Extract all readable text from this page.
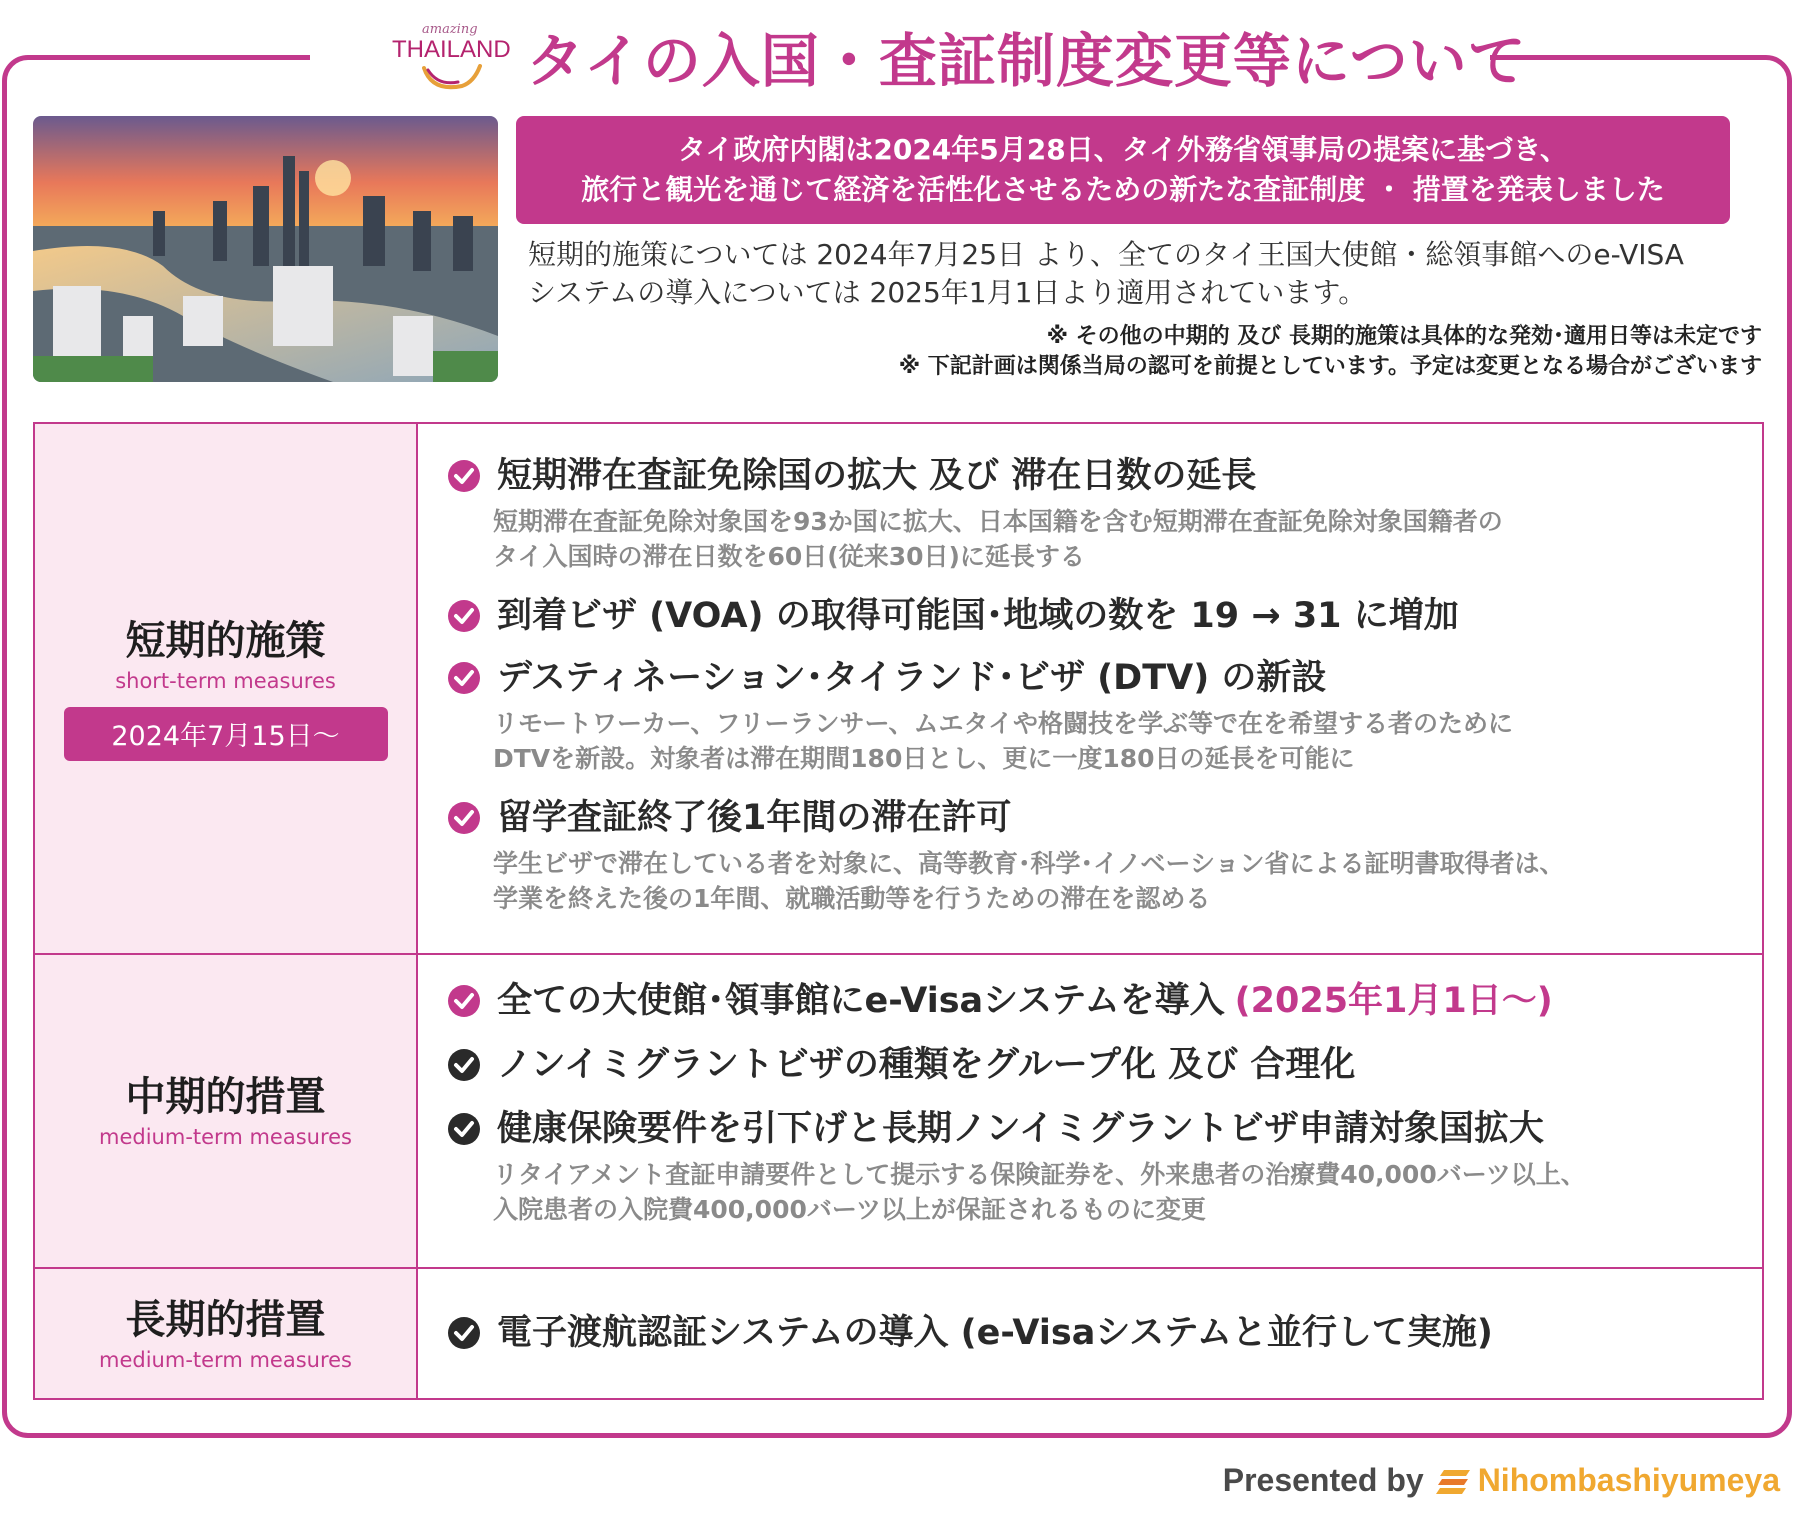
amazing
THAILAND タイの入国・査証制度変更等について
タイ政府内閣は2024年5月28日、タイ外務省領事局の提案に基づき、
旅行と観光を通じて経済を活性化させるための新たな査証制度 ・ 措置を発表しました
短期的施策については 2024年7月25日 より、全てのタイ王国大使館・総領事館へのe-VISA
システムの導入については 2025年1月1日より適用されています。
※ その他の中期的 及び 長期的施策は具体的な発効･適用日等は未定です
※ 下記計画は関係当局の認可を前提としています。予定は変更となる場合がございます
短期的施策
short-term measures
2024年7月15日～
短期滞在査証免除国の拡大 及び 滞在日数の延長
短期滞在査証免除対象国を93か国に拡大、日本国籍を含む短期滞在査証免除対象国籍者の
タイ入国時の滞在日数を60日(従来30日)に延長する
到着ビザ (VOA) の取得可能国･地域の数を 19 → 31 に増加
デスティネーション･タイランド･ビザ (DTV) の新設
リモートワーカー、フリーランサー、ムエタイや格闘技を学ぶ等で在を希望する者のために
DTVを新設。対象者は滞在期間180日とし、更に一度180日の延長を可能に
留学査証終了後1年間の滞在許可
学生ビザで滞在している者を対象に、高等教育･科学･イノベーション省による証明書取得者は、
学業を終えた後の1年間、就職活動等を行うための滞在を認める
中期的措置
medium-term measures
全ての大使館･領事館にe-Visaシステムを導入 (2025年1月1日～)
ノンイミグラントビザの種類をグループ化 及び 合理化
健康保険要件を引下げと長期ノンイミグラントビザ申請対象国拡大
リタイアメント査証申請要件として提示する保険証券を、外来患者の治療費40,000バーツ以上、
入院患者の入院費400,000バーツ以上が保証されるものに変更
長期的措置
medium-term measures
電子渡航認証システムの導入 (e-Visaシステムと並行して実施)
Presented by Nihombashiyumeya
